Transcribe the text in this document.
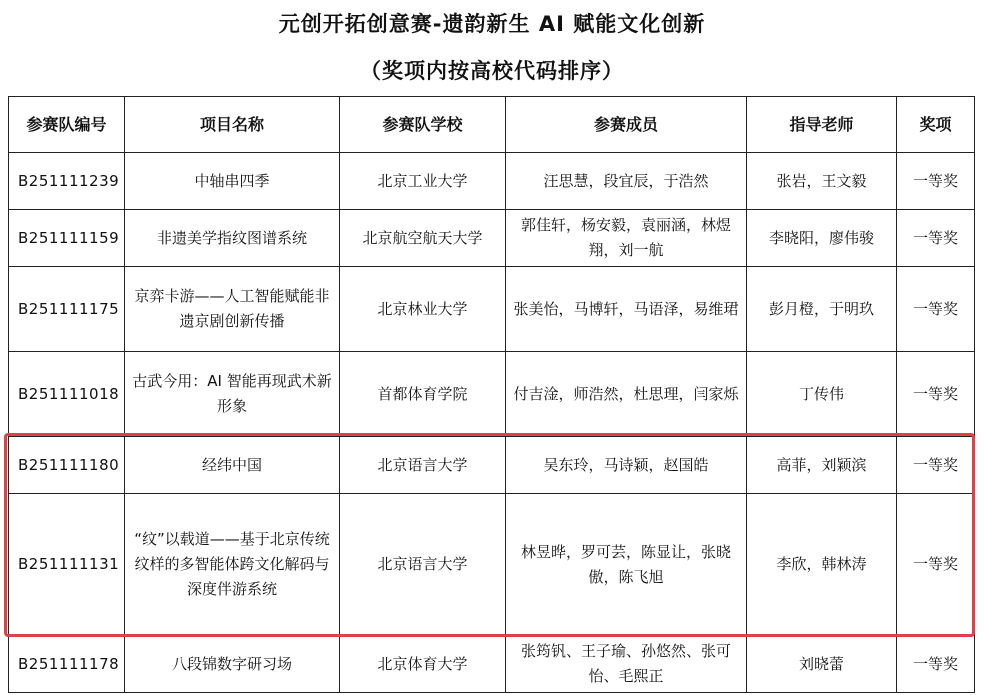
元创开拓创意赛-遗韵新生 AI 赋能文化创新
（奖项内按高校代码排序）
参赛队编号	项目名称	参赛队学校	参赛成员	指导老师	奖项
B251111239	中轴串四季	北京工业大学	汪思慧，段宜辰，于浩然	张岩，王文毅	一等奖
B251111159	非遗美学指纹图谱系统	北京航空航天大学	郭佳轩，杨安毅，袁丽涵，林煜翔，刘一航	李晓阳，廖伟骏	一等奖
B251111175	京弈卡游——人工智能赋能非遗京剧创新传播	北京林业大学	张美怡，马博轩，马语泽，易维珺	彭月橙，于明玖	一等奖
B251111018	古武今用：AI 智能再现武术新形象	首都体育学院	付吉淦，师浩然，杜思理，闫家烁	丁传伟	一等奖
B251111180	经纬中国	北京语言大学	吴东玲，马诗颖，赵国皓	高菲，刘颖滨	一等奖
B251111131	“纹”以载道——基于北京传统纹样的多智能体跨文化解码与深度伴游系统	北京语言大学	林昱晔，罗可芸，陈显让，张晓傲，陈飞旭	李欣，韩林涛	一等奖
B251111178	八段锦数字研习场	北京体育大学	张筠钒、王子瑜、孙悠然、张可怡、毛熙正	刘晓蕾	一等奖
